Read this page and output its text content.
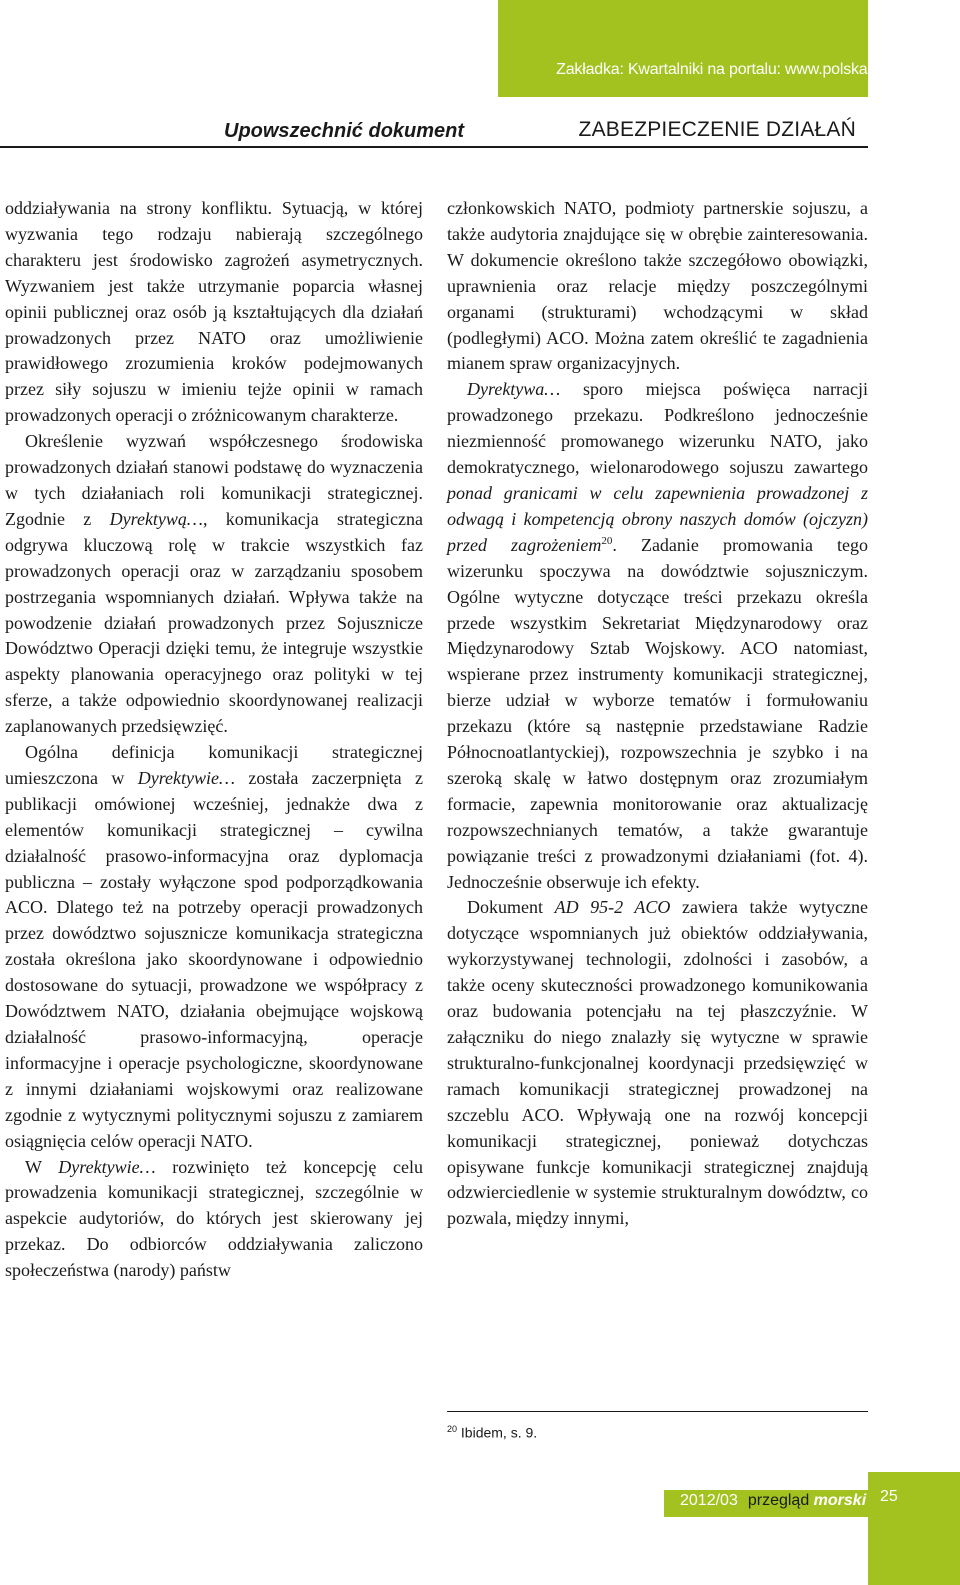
Zakładka: Kwartalniki na portalu: www.polska-zbrojna.pl
Upowszechnić dokument	ZABEZPIECZENIE DZIAŁAŃ

oddziaływania na strony konfliktu. Sytuacją, w której wyzwania tego rodzaju nabierają szczególnego charakteru jest środowisko zagrożeń asymetrycznych. Wyzwaniem jest także utrzymanie poparcia własnej opinii publicznej oraz osób ją kształtujących dla działań prowadzonych przez NATO oraz umożliwienie prawidłowego zrozumienia kroków podejmowanych przez siły sojuszu w imieniu tejże opinii w ramach prowadzonych operacji o zróżnicowanym charakterze.

Określenie wyzwań współczesnego środowiska prowadzonych działań stanowi podstawę do wyznaczenia w tych działaniach roli komunikacji strategicznej. Zgodnie z Dyrektywą…, komunikacja strategiczna odgrywa kluczową rolę w trakcie wszystkich faz prowadzonych operacji oraz w zarządzaniu sposobem postrzegania wspomnianych działań. Wpływa także na powodzenie działań prowadzonych przez Sojusznicze Dowództwo Operacji dzięki temu, że integruje wszystkie aspekty planowania operacyjnego oraz polityki w tej sferze, a także odpowiednio skoordynowanej realizacji zaplanowanych przedsięwzięć.

Ogólna definicja komunikacji strategicznej umieszczona w Dyrektywie… została zaczerpnięta z publikacji omówionej wcześniej, jednakże dwa z elementów komunikacji strategicznej – cywilna działalność prasowo-informacyjna oraz dyplomacja publiczna – zostały wyłączone spod podporządkowania ACO. Dlatego też na potrzeby operacji prowadzonych przez dowództwo sojusznicze komunikacja strategiczna została określona jako skoordynowane i odpowiednio dostosowane do sytuacji, prowadzone we współpracy z Dowództwem NATO, działania obejmujące wojskową działalność prasowo-informacyjną, operacje informacyjne i operacje psychologiczne, skoordynowane z innymi działaniami wojskowymi oraz realizowane zgodnie z wytycznymi politycznymi sojuszu z zamiarem osiągnięcia celów operacji NATO.

W Dyrektywie… rozwinięto też koncepcję celu prowadzenia komunikacji strategicznej, szczególnie w aspekcie audytoriów, do których jest skierowany jej przekaz. Do odbiorców oddziaływania zaliczono społeczeństwa (narody) państw

członkowskich NATO, podmioty partnerskie sojuszu, a także audytoria znajdujące się w obrębie zainteresowania. W dokumencie określono także szczegółowo obowiązki, uprawnienia oraz relacje między poszczególnymi organami (strukturami) wchodzącymi w skład (podległymi) ACO. Można zatem określić te zagadnienia mianem spraw organizacyjnych.

Dyrektywa… sporo miejsca poświęca narracji prowadzonego przekazu. Podkreślono jednocześnie niezmienność promowanego wizerunku NATO, jako demokratycznego, wielonarodowego sojuszu zawartego ponad granicami w celu zapewnienia prowadzonej z odwagą i kompetencją obrony naszych domów (ojczyzn) przed zagrożeniem$^{20}$. Zadanie promowania tego wizerunku spoczywa na dowództwie sojuszniczym. Ogólne wytyczne dotyczące treści przekazu określa przede wszystkim Sekretariat Międzynarodowy oraz Międzynarodowy Sztab Wojskowy. ACO natomiast, wspierane przez instrumenty komunikacji strategicznej, bierze udział w wyborze tematów i formułowaniu przekazu (które są następnie przedstawiane Radzie Północnoatlantyckiej), rozpowszechnia je szybko i na szeroką skalę w łatwo dostępnym oraz zrozumiałym formacie, zapewnia monitorowanie oraz aktualizację rozpowszechnianych tematów, a także gwarantuje powiązanie treści z prowadzonymi działaniami (fot. 4). Jednocześnie obserwuje ich efekty.

Dokument AD 95-2 ACO zawiera także wytyczne dotyczące wspomnianych już obiektów oddziaływania, wykorzystywanej technologii, zdolności i zasobów, a także oceny skuteczności prowadzonego komunikowania oraz budowania potencjału na tej płaszczyźnie. W załączniku do niego znalazły się wytyczne w sprawie strukturalno-funkcjonalnej koordynacji przedsięwzięć w ramach komunikacji strategicznej prowadzonej na szczeblu ACO. Wpływają one na rozwój koncepcji komunikacji strategicznej, ponieważ dotychczas opisywane funkcje komunikacji strategicznej znajdują odzwierciedlenie w systemie strukturalnym dowództw, co pozwala, między innymi,

$^{20}$ Ibidem, s. 9.
2012/03 przegląd morski 25
